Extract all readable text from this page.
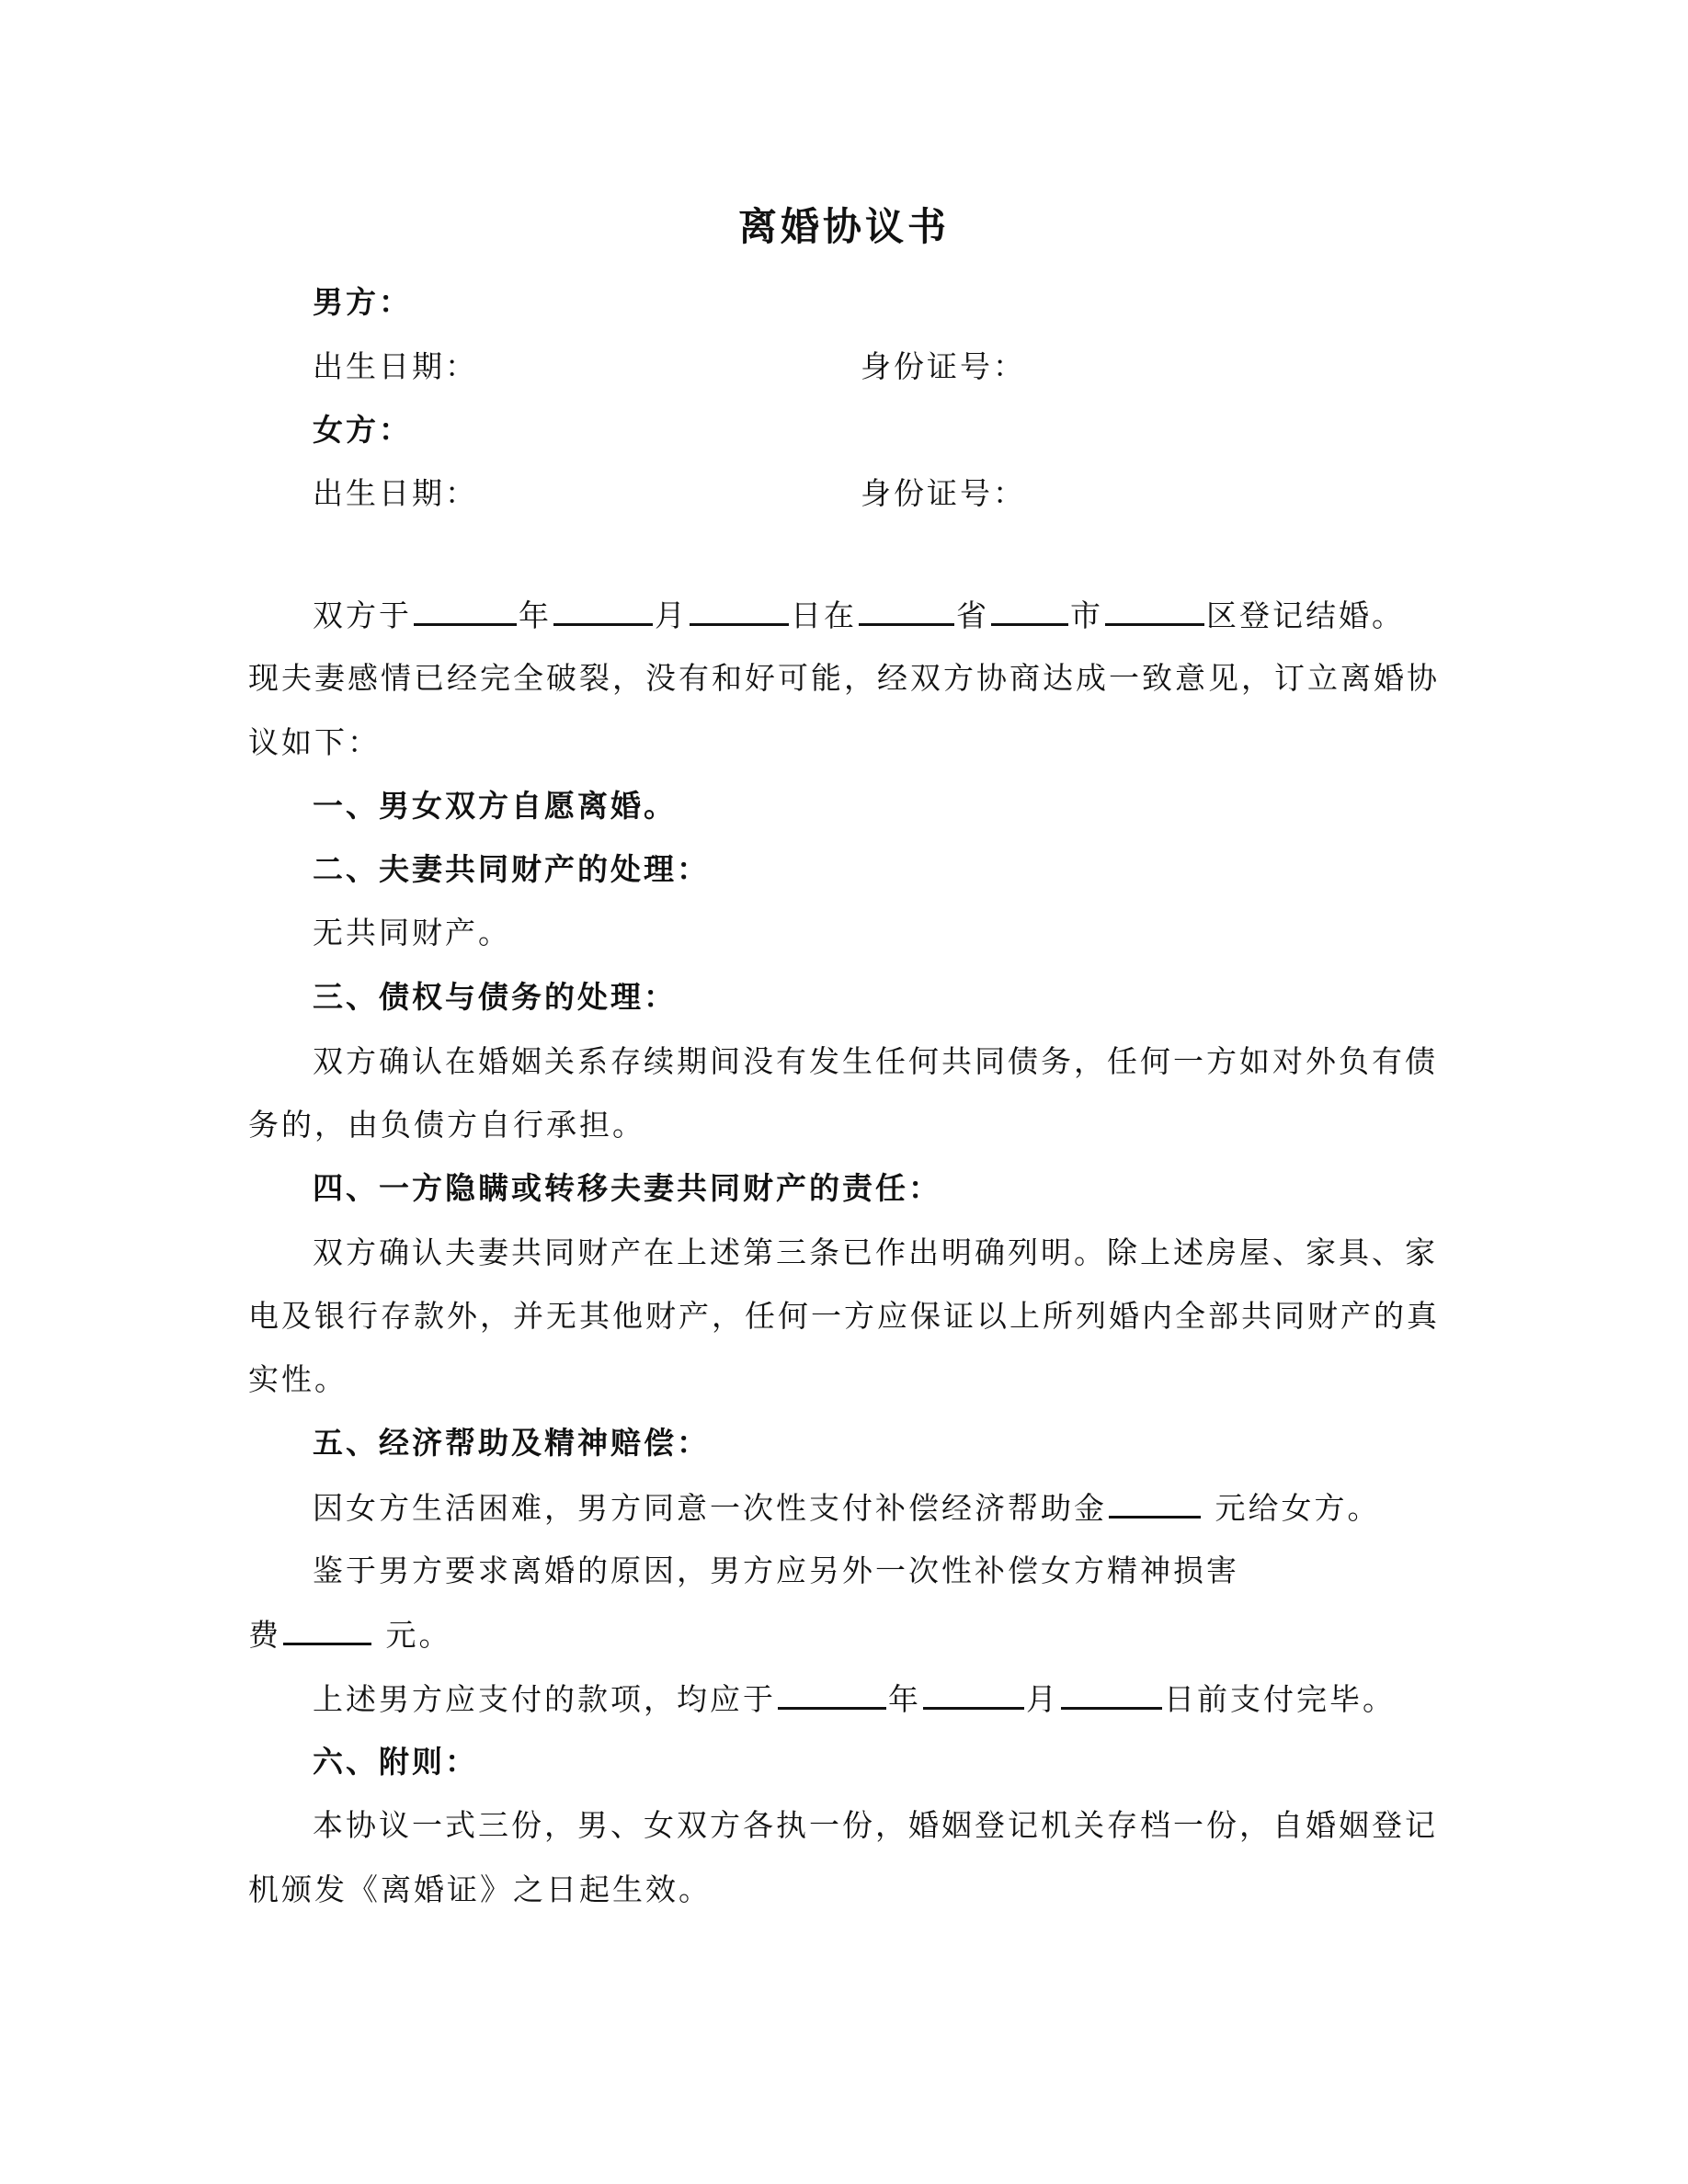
离婚协议书
男方：
出生日期：	身份证号：
女方：
出生日期：	身份证号：
双方于	年	月	日在	省	市	区登记结婚。
现夫妻感情已经完全破裂，没有和好可能，经双方协商达成一致意见，订立离婚协
议如下：
一、男女双方自愿离婚。
二、夫妻共同财产的处理：
无共同财产。
三、债权与债务的处理：
双方确认在婚姻关系存续期间没有发生任何共同债务，任何一方如对外负有债
务的，由负债方自行承担。
四、一方隐瞒或转移夫妻共同财产的责任：
双方确认夫妻共同财产在上述第三条已作出明确列明。除上述房屋、家具、家
电及银行存款外，并无其他财产，任何一方应保证以上所列婚内全部共同财产的真
实性。
五、经济帮助及精神赔偿：
因女方生活困难，男方同意一次性支付补偿经济帮助金	元给女方。
鉴于男方要求离婚的原因，男方应另外一次性补偿女方精神损害
费	元。
上述男方应支付的款项，均应于	年	月	日前支付完毕。
六、附则：
本协议一式三份，男、女双方各执一份，婚姻登记机关存档一份，自婚姻登记
机颁发《离婚证》之日起生效。
